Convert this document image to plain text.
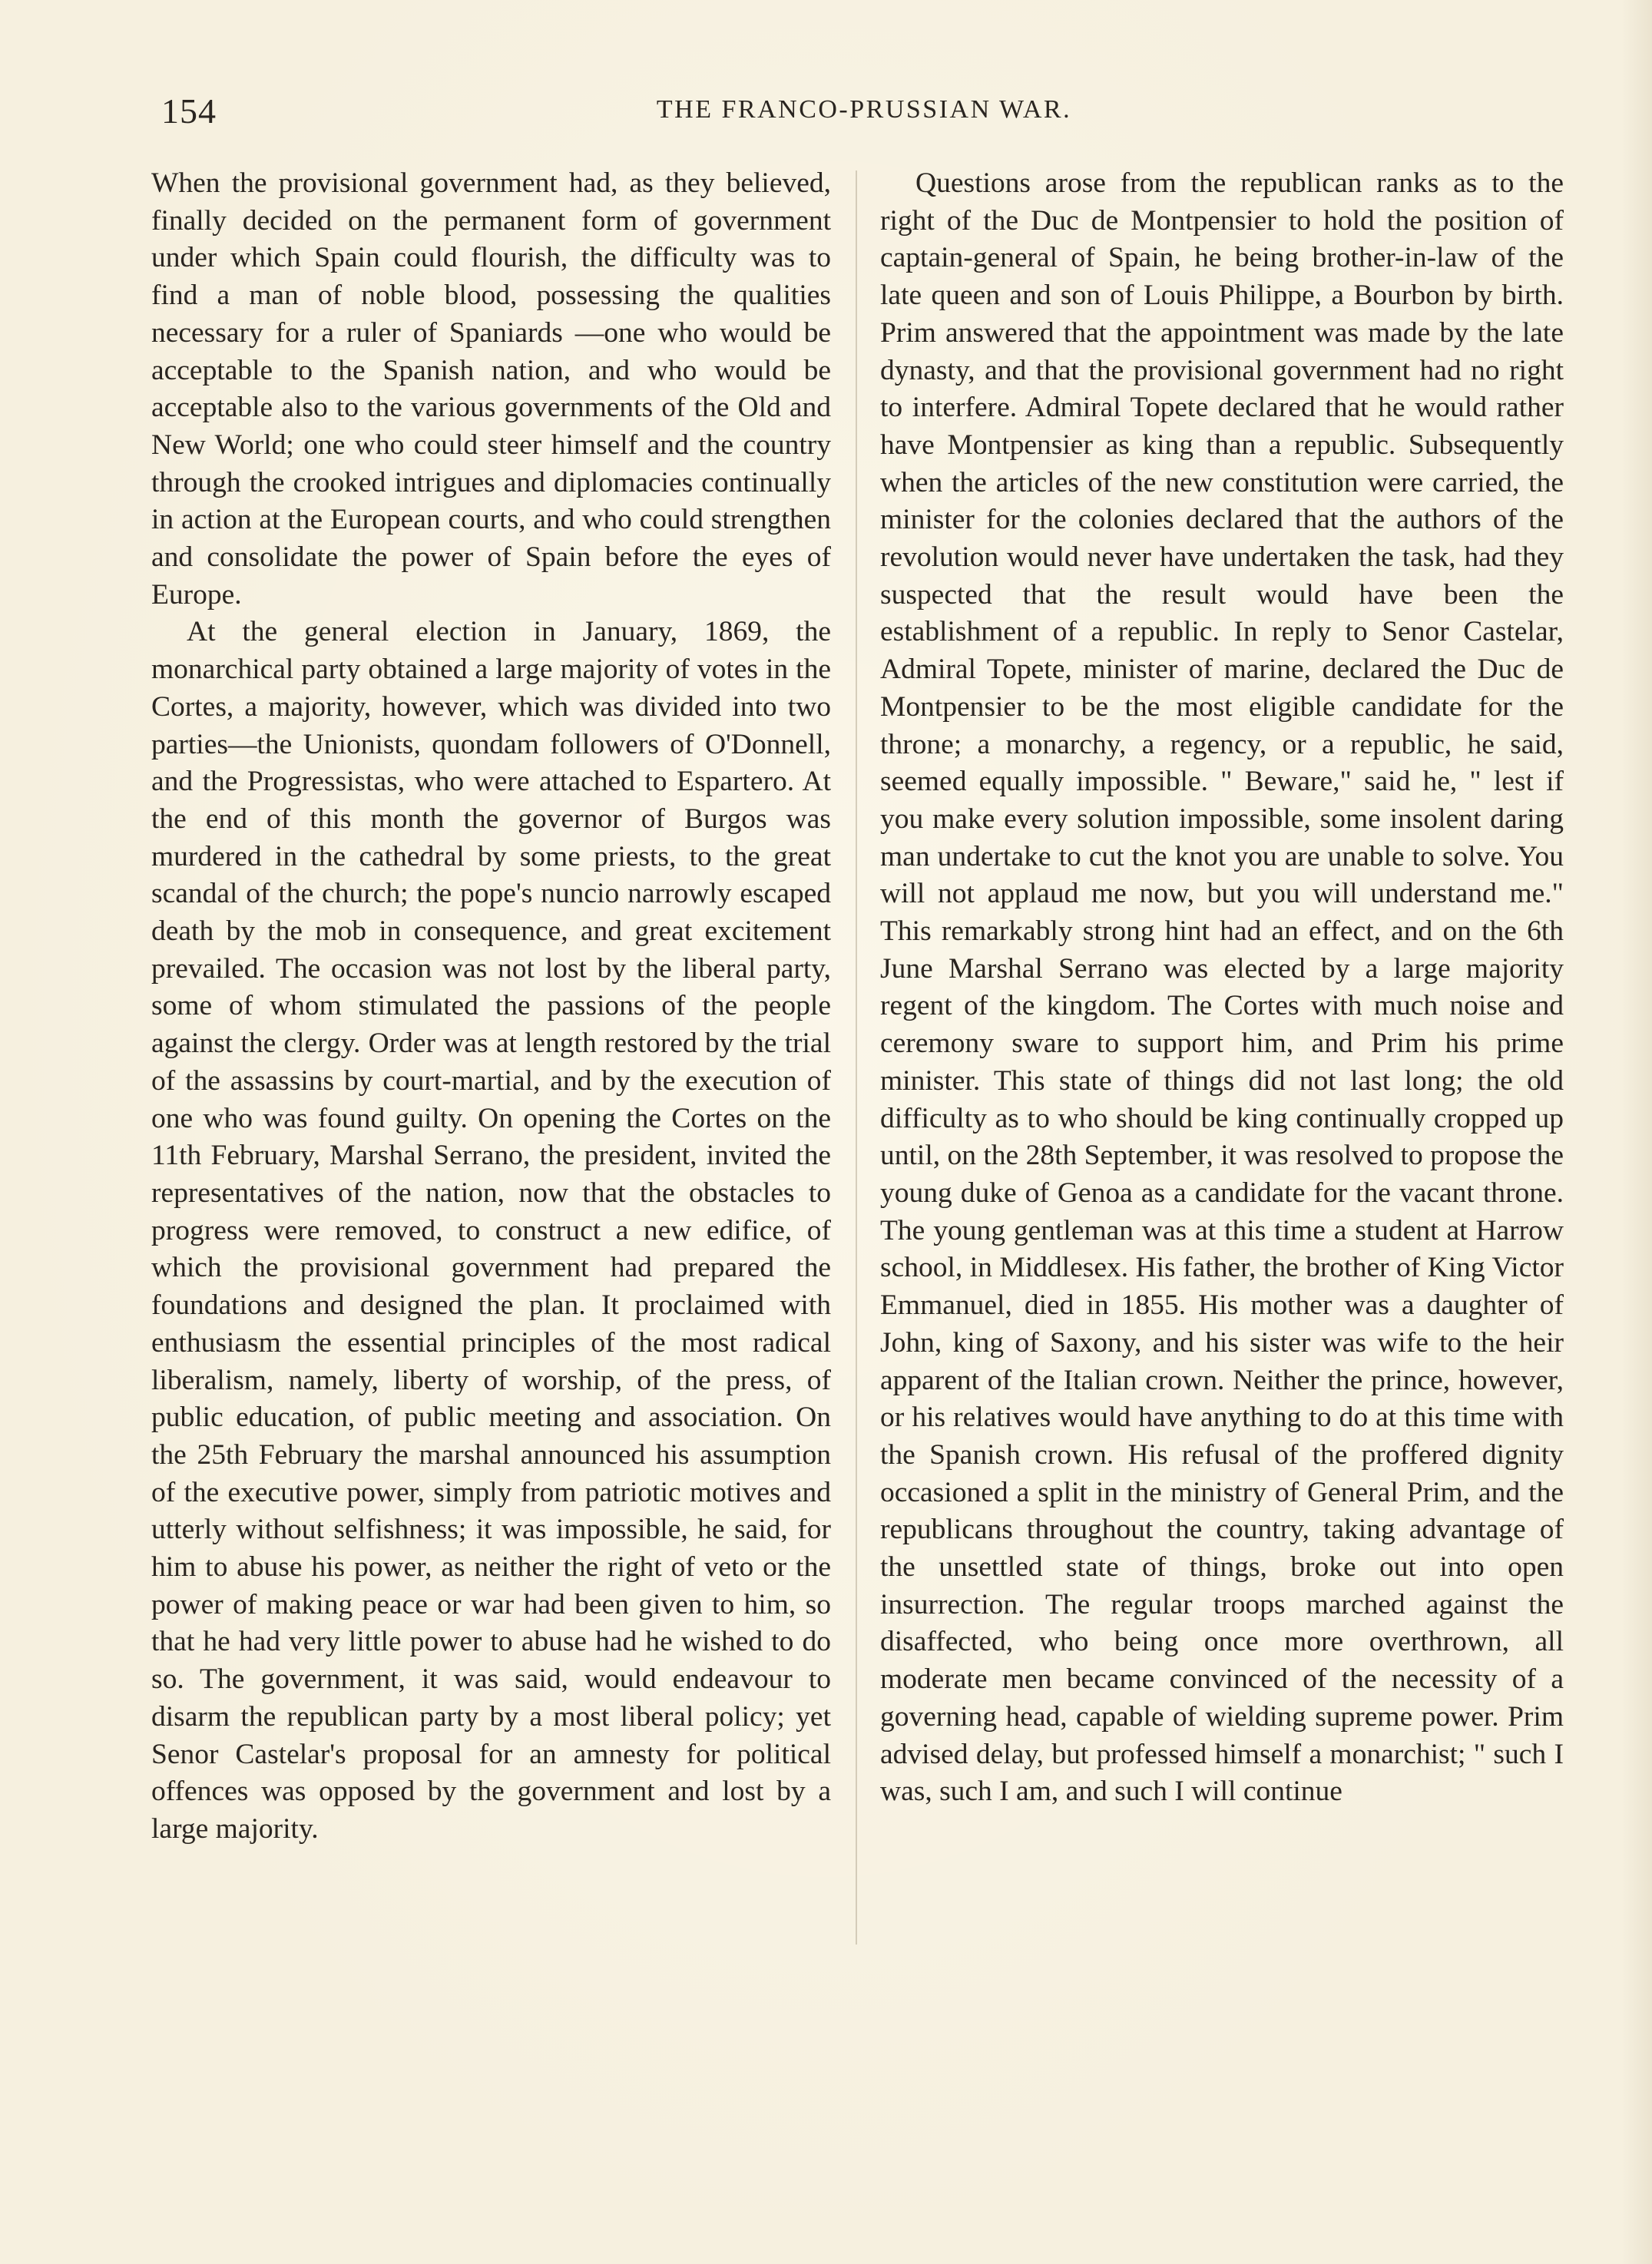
154	THE FRANCO-PRUSSIAN WAR.

When the provisional government had, as they believed, finally decided on the permanent form of government under which Spain could flourish, the difficulty was to find a man of noble blood, possessing the qualities necessary for a ruler of Spaniards —one who would be acceptable to the Spanish nation, and who would be acceptable also to the various governments of the Old and New World; one who could steer himself and the country through the crooked intrigues and diplomacies continually in action at the European courts, and who could strengthen and consolidate the power of Spain before the eyes of Europe.

At the general election in January, 1869, the monarchical party obtained a large majority of votes in the Cortes, a majority, however, which was divided into two parties—the Unionists, quondam followers of O'Donnell, and the Progressistas, who were attached to Espartero. At the end of this month the governor of Burgos was murdered in the cathedral by some priests, to the great scandal of the church; the pope's nuncio narrowly escaped death by the mob in consequence, and great excitement prevailed. The occasion was not lost by the liberal party, some of whom stimulated the passions of the people against the clergy. Order was at length restored by the trial of the assassins by court-martial, and by the execution of one who was found guilty. On opening the Cortes on the 11th February, Marshal Serrano, the president, invited the representatives of the nation, now that the obstacles to progress were removed, to construct a new edifice, of which the provisional government had prepared the foundations and designed the plan. It proclaimed with enthusiasm the essential principles of the most radical liberalism, namely, liberty of worship, of the press, of public education, of public meeting and association. On the 25th February the marshal announced his assumption of the executive power, simply from patriotic motives and utterly without selfishness; it was impossible, he said, for him to abuse his power, as neither the right of veto or the power of making peace or war had been given to him, so that he had very little power to abuse had he wished to do so. The government, it was said, would endeavour to disarm the republican party by a most liberal policy; yet Senor Castelar's proposal for an amnesty for political offences was opposed by the government and lost by a large majority.

Questions arose from the republican ranks as to the right of the Duc de Montpensier to hold the position of captain-general of Spain, he being brother-in-law of the late queen and son of Louis Philippe, a Bourbon by birth. Prim answered that the appointment was made by the late dynasty, and that the provisional government had no right to interfere. Admiral Topete declared that he would rather have Montpensier as king than a republic. Subsequently when the articles of the new constitution were carried, the minister for the colonies declared that the authors of the revolution would never have undertaken the task, had they suspected that the result would have been the establishment of a republic. In reply to Senor Castelar, Admiral Topete, minister of marine, declared the Duc de Montpensier to be the most eligible candidate for the throne; a monarchy, a regency, or a republic, he said, seemed equally impossible. " Beware," said he, " lest if you make every solution impossible, some insolent daring man undertake to cut the knot you are unable to solve. You will not applaud me now, but you will understand me." This remarkably strong hint had an effect, and on the 6th June Marshal Serrano was elected by a large majority regent of the kingdom. The Cortes with much noise and ceremony sware to support him, and Prim his prime minister. This state of things did not last long; the old difficulty as to who should be king continually cropped up until, on the 28th September, it was resolved to propose the young duke of Genoa as a candidate for the vacant throne. The young gentleman was at this time a student at Harrow school, in Middlesex. His father, the brother of King Victor Emmanuel, died in 1855. His mother was a daughter of John, king of Saxony, and his sister was wife to the heir apparent of the Italian crown. Neither the prince, however, or his relatives would have anything to do at this time with the Spanish crown. His refusal of the proffered dignity occasioned a split in the ministry of General Prim, and the republicans throughout the country, taking advantage of the unsettled state of things, broke out into open insurrection. The regular troops marched against the disaffected, who being once more overthrown, all moderate men became convinced of the necessity of a governing head, capable of wielding supreme power. Prim advised delay, but professed himself a monarchist; " such I was, such I am, and such I will continue
